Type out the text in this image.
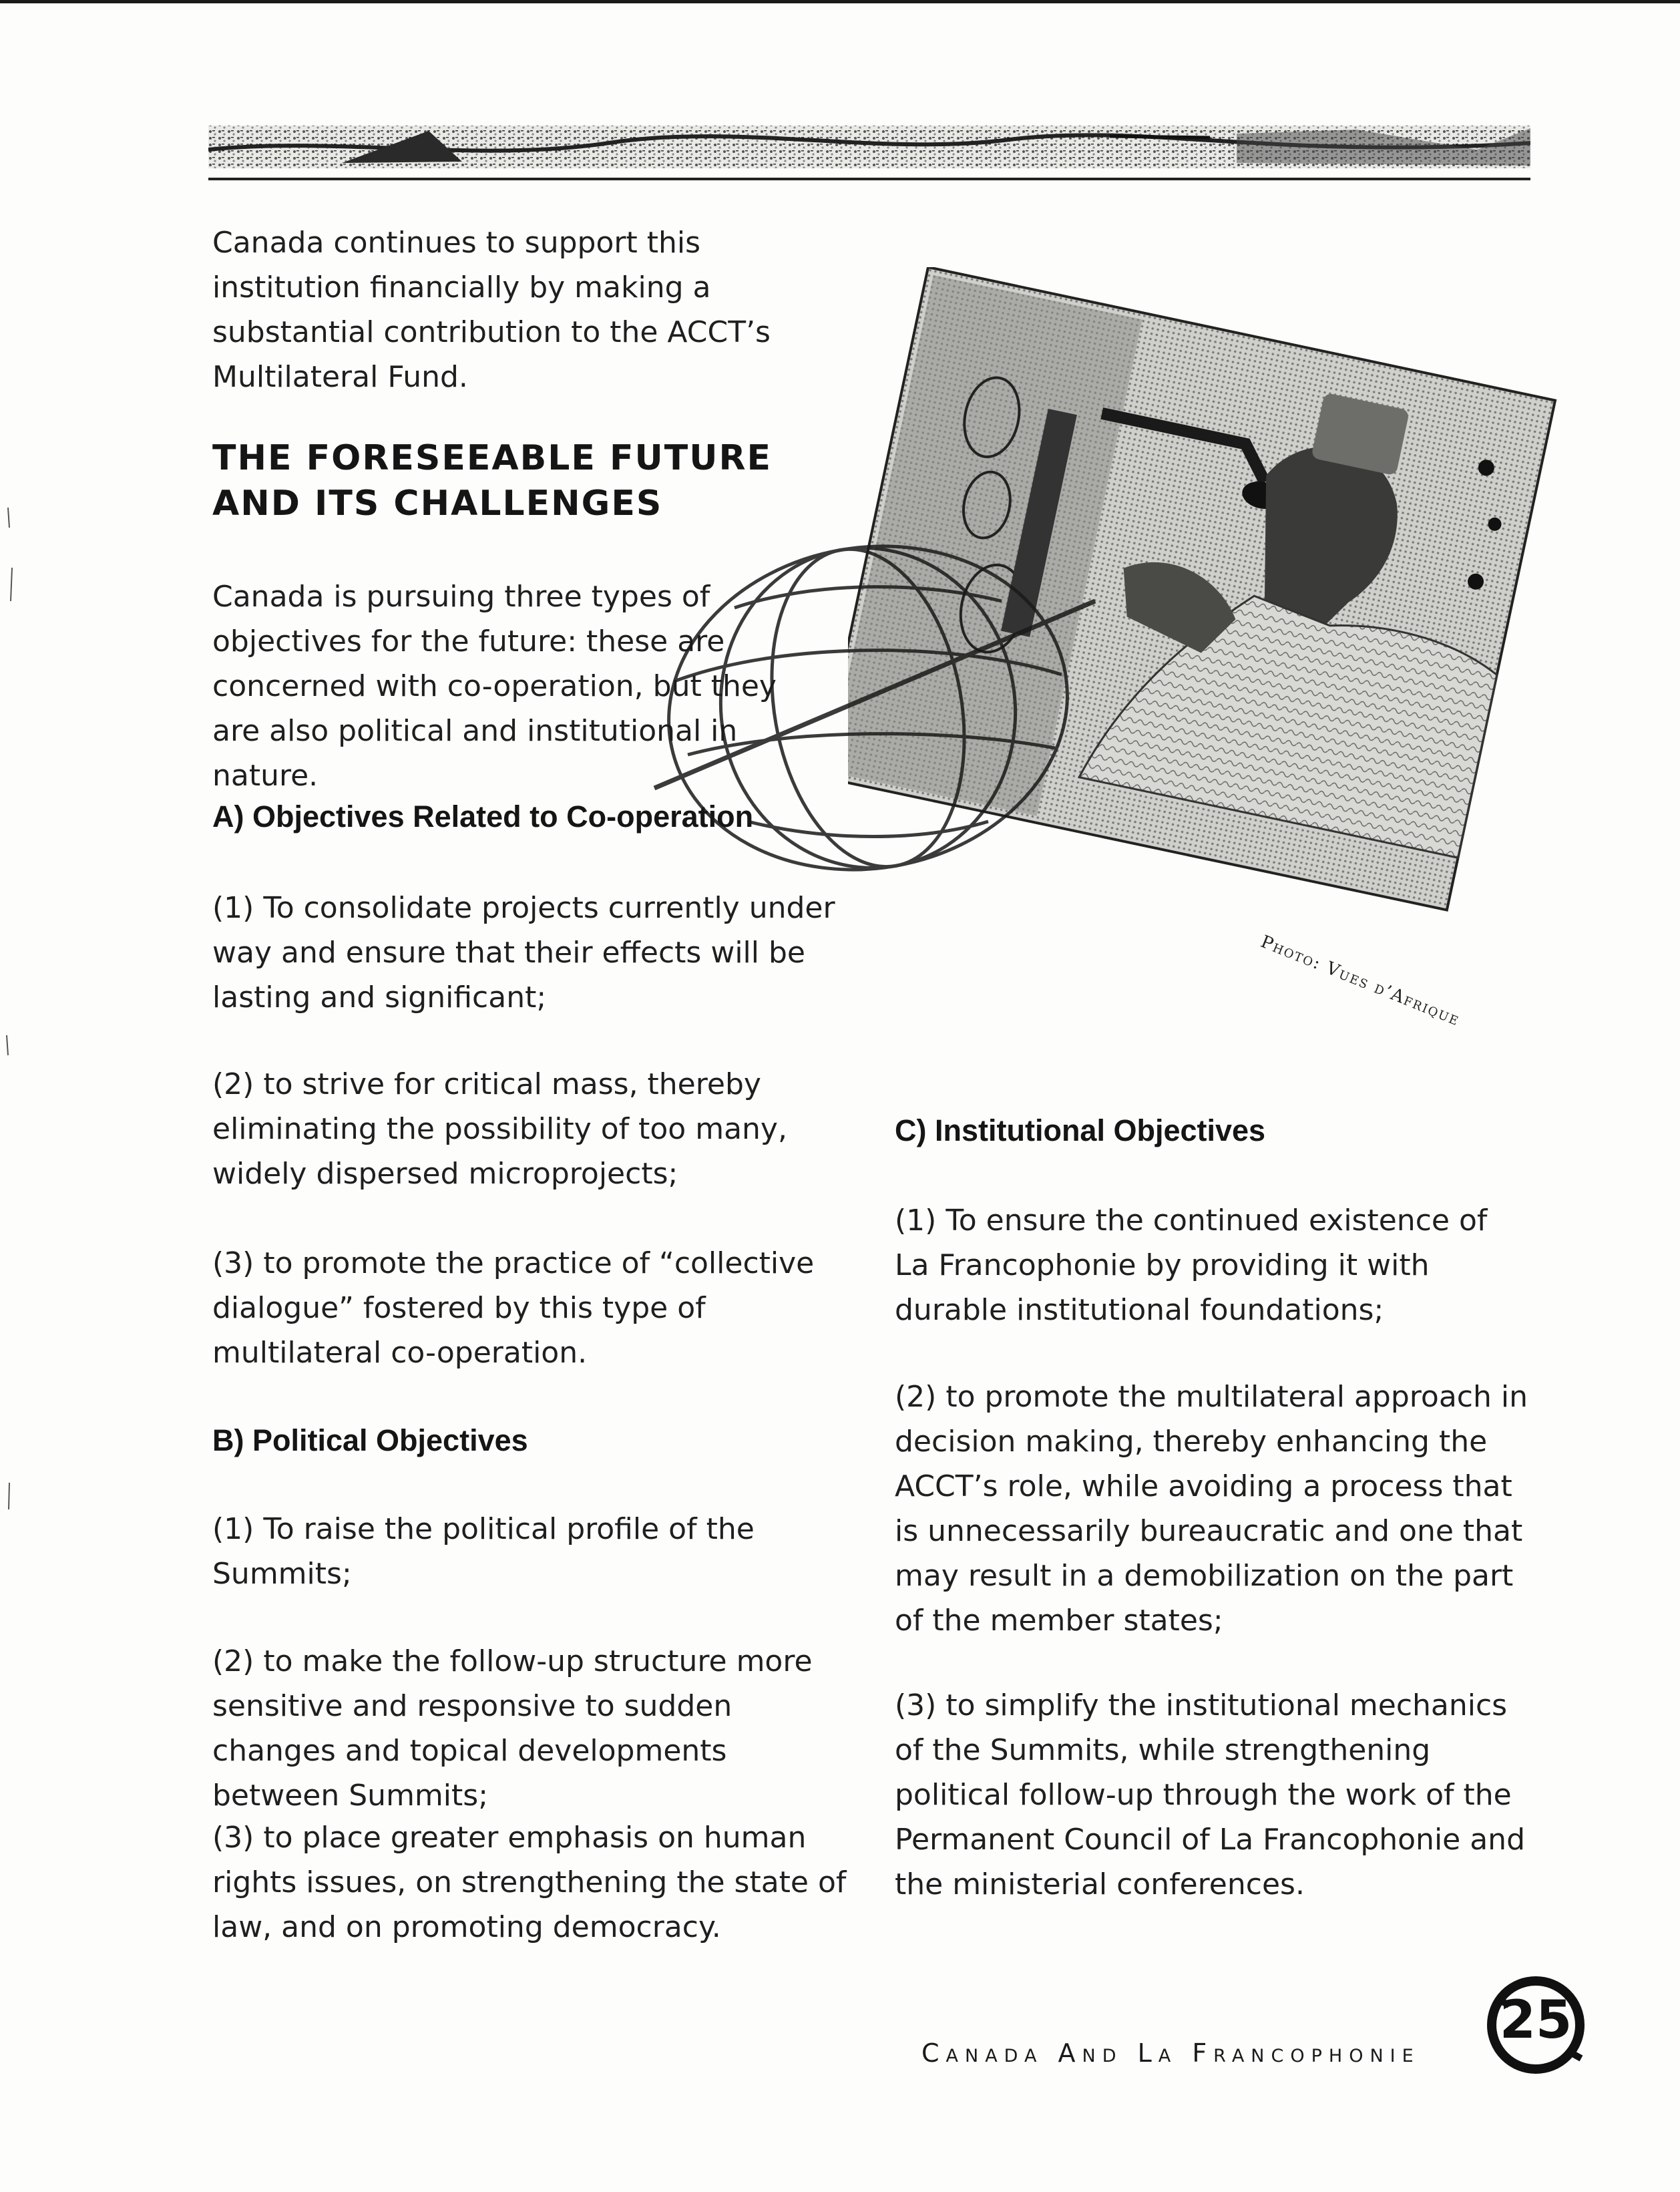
Canada continues to support this institution financially by making a substantial contribution to the ACCT’s Multilateral Fund.

THE FORESEEABLE FUTURE
AND ITS CHALLENGES

Canada is pursuing three types of objectives for the future: these are concerned with co-operation, but they are also political and institutional in nature.

A) Objectives Related to Co-operation
(1) To consolidate projects currently under way and ensure that their effects will be lasting and significant;
(2) to strive for critical mass, thereby eliminating the possibility of too many, widely dispersed microprojects;
(3) to promote the practice of “collective dialogue” fostered by this type of multilateral co-operation.
B) Political Objectives
(1) To raise the political profile of the Summits;
(2) to make the follow-up structure more sensitive and responsive to sudden changes and topical developments between Summits;
(3) to place greater emphasis on human rights issues, on strengthening the state of law, and on promoting democracy.
C) Institutional Objectives
(1) To ensure the continued existence of La Francophonie by providing it with durable institutional foundations;
(2) to promote the multilateral approach in decision making, thereby enhancing the ACCT’s role, while avoiding a process that is unnecessarily bureaucratic and one that may result in a demobilization on the part of the member states;
(3) to simplify the institutional mechanics of the Summits, while strengthening political follow-up through the work of the Permanent Council of La Francophonie and the ministerial conferences.
Photo: Vues d’Afrique
Canada And La Francophonie
25
